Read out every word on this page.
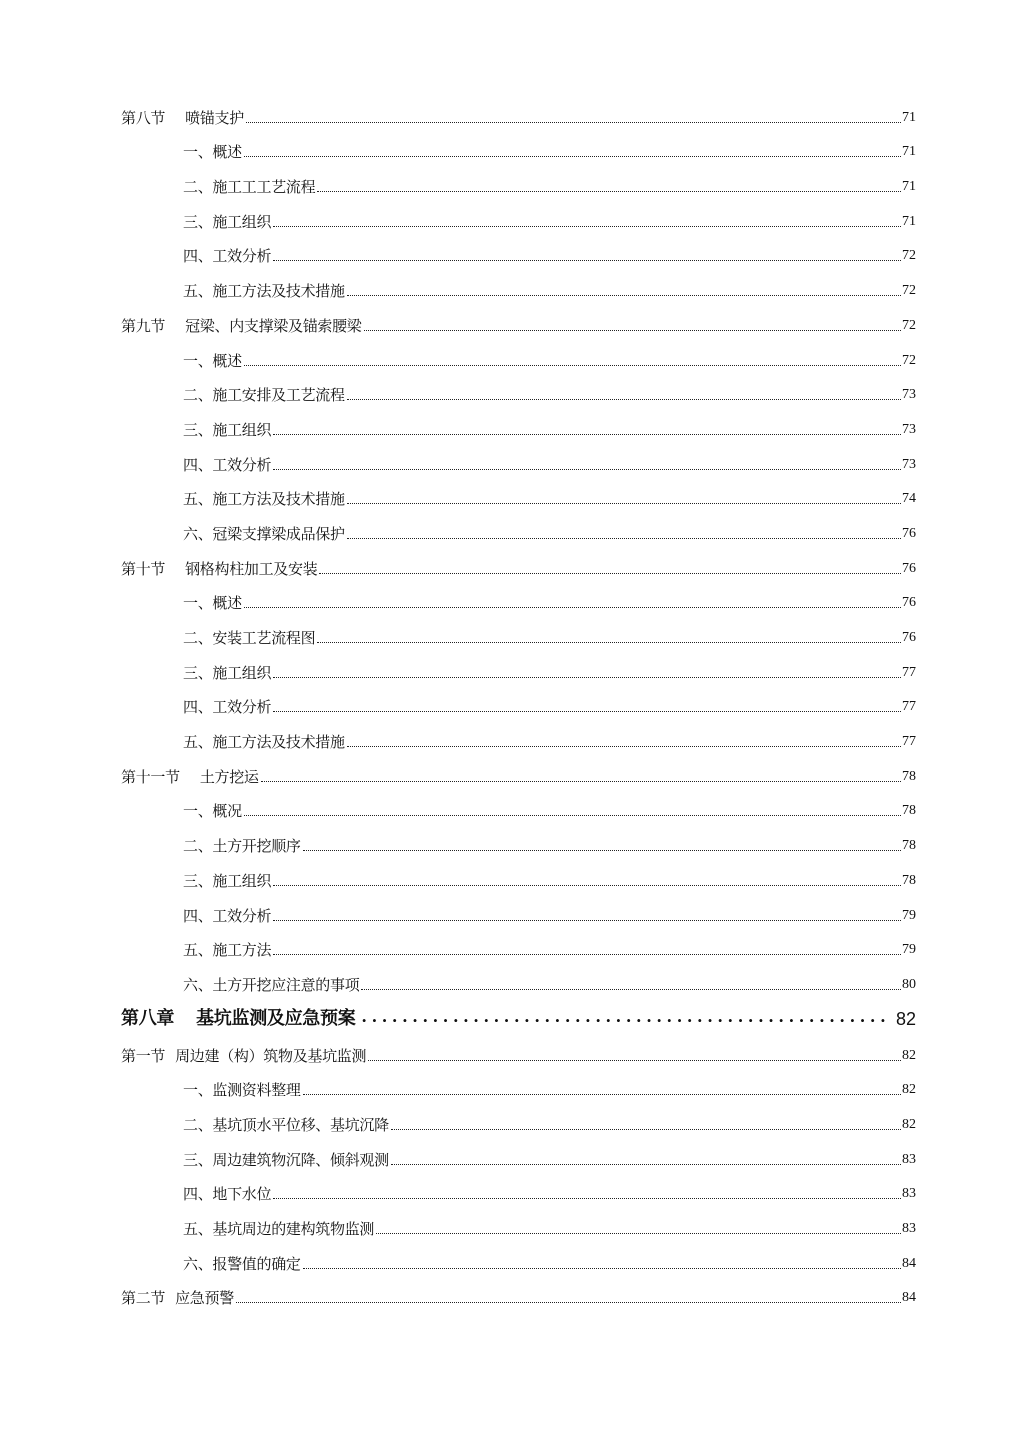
第八节 喷锚支护	71
一、概述	71
二、施工工工艺流程	71
三、施工组织	71
四、工效分析	72
五、施工方法及技术措施	72
第九节 冠梁、内支撑梁及锚索腰梁	72
一、概述	72
二、施工安排及工艺流程	73
三、施工组织	73
四、工效分析	73
五、施工方法及技术措施	74
六、冠梁支撑梁成品保护	76
第十节 钢格构柱加工及安装	76
一、概述	76
二、安装工艺流程图	76
三、施工组织	77
四、工效分析	77
五、施工方法及技术措施	77
第十一节 土方挖运	78
一、概况	78
二、土方开挖顺序	78
三、施工组织	78
四、工效分析	79
五、施工方法	79
六、土方开挖应注意的事项	80
第八章 基坑监测及应急预案 .....	82
第一节 周边建（构）筑物及基坑监测	82
一、监测资料整理	82
二、基坑顶水平位移、基坑沉降	82
三、周边建筑物沉降、倾斜观测	83
四、地下水位	83
五、基坑周边的建构筑物监测	83
六、报警值的确定	84
第二节 应急预警	84
